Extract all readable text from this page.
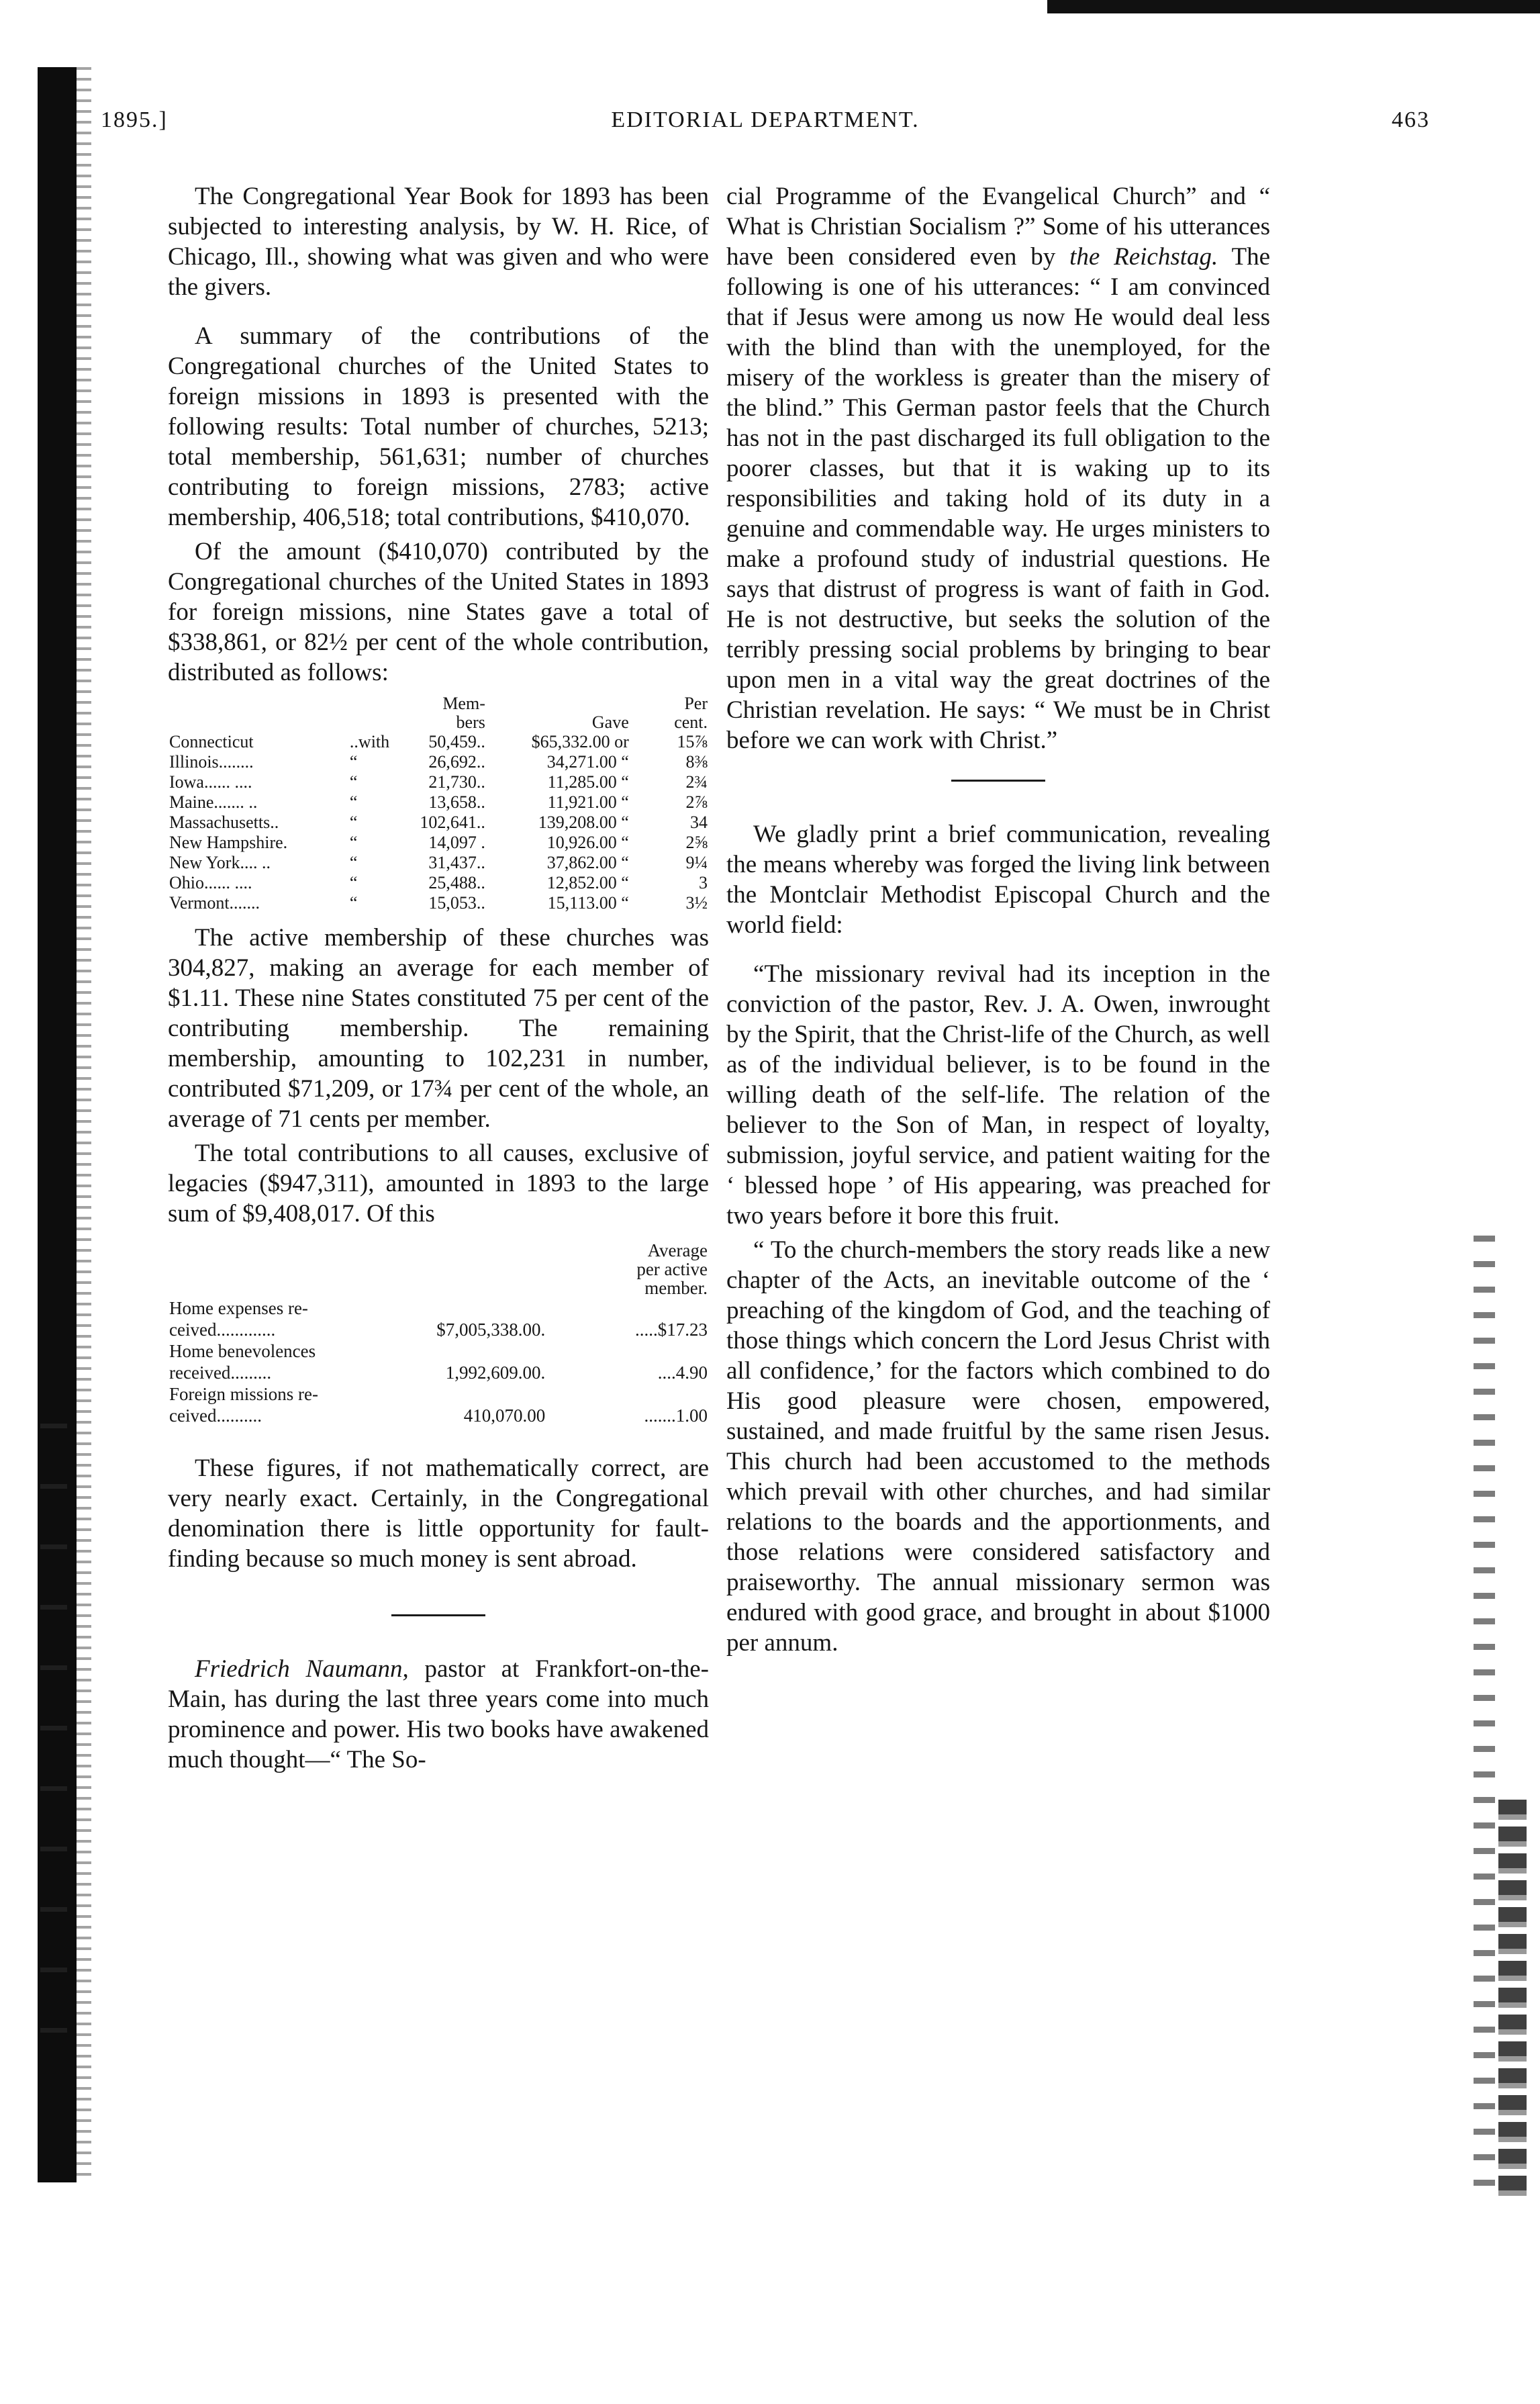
1895.]	EDITORIAL DEPARTMENT.	463

The Congregational Year Book for 1893 has been subjected to interesting analysis, by W. H. Rice, of Chicago, Ill., showing what was given and who were the givers.

A summary of the contributions of the Congregational churches of the United States to foreign missions in 1893 is presented with the following results: Total number of churches, 5213; total membership, 561,631; number of churches contributing to foreign missions, 2783; active membership, 406,518; total contributions, $410,070.

Of the amount ($410,070) contributed by the Congregational churches of the United States in 1893 for foreign missions, nine States gave a total of $338,861, or 82½ per cent of the whole contribution, distributed as follows:

		Mem-		Per
		bers	Gave	cent.
Connecticut	..with	50,459..	$65,332.00 or	15⅞
Illinois........	“	26,692..	34,271.00 “	8⅜
Iowa...... ....	“	21,730..	11,285.00 “	2¾
Maine....... ..	“	13,658..	11,921.00 “	2⅞
Massachusetts..	“	102,641..	139,208.00 “	34
New Hampshire.	“	14,097 .	10,926.00 “	2⅝
New York.... ..	“	31,437..	37,862.00 “	9¼
Ohio...... ....	“	25,488..	12,852.00 “	3
Vermont.......	“	15,053..	15,113.00 “	3½

The active membership of these churches was 304,827, making an average for each member of $1.11. These nine States constituted 75 per cent of the contributing membership. The remaining membership, amounting to 102,231 in number, contributed $71,209, or 17¾ per cent of the whole, an average of 71 cents per member.

The total contributions to all causes, exclusive of legacies ($947,311), amounted in 1893 to the large sum of $9,408,017. Of this

		Average
		per active
		member.
Home expenses re-		
ceived.............	$7,005,338.00.	.....$17.23
Home benevolences		
received.........	1,992,609.00.	....4.90
Foreign missions re-		
ceived..........	410,070.00	.......1.00

These figures, if not mathematically correct, are very nearly exact. Certainly, in the Congregational denomination there is little opportunity for fault-finding because so much money is sent abroad.

Friedrich Naumann, pastor at Frankfort-on-the-Main, has during the last three years come into much prominence and power. His two books have awakened much thought—“ The So-

cial Programme of the Evangelical Church” and “ What is Christian Socialism ?” Some of his utterances have been considered even by the Reichstag. The following is one of his utterances: “ I am convinced that if Jesus were among us now He would deal less with the blind than with the unemployed, for the misery of the workless is greater than the misery of the blind.” This German pastor feels that the Church has not in the past discharged its full obligation to the poorer classes, but that it is waking up to its responsibilities and taking hold of its duty in a genuine and commendable way. He urges ministers to make a profound study of industrial questions. He says that distrust of progress is want of faith in God. He is not destructive, but seeks the solution of the terribly pressing social problems by bringing to bear upon men in a vital way the great doctrines of the Christian revelation. He says: “ We must be in Christ before we can work with Christ.”

We gladly print a brief communication, revealing the means whereby was forged the living link between the Montclair Methodist Episcopal Church and the world field:

“The missionary revival had its inception in the conviction of the pastor, Rev. J. A. Owen, inwrought by the Spirit, that the Christ-life of the Church, as well as of the individual believer, is to be found in the willing death of the self-life. The relation of the believer to the Son of Man, in respect of loyalty, submission, joyful service, and patient waiting for the ‘ blessed hope ’ of His appearing, was preached for two years before it bore this fruit.

“ To the church-members the story reads like a new chapter of the Acts, an inevitable outcome of the ‘ preaching of the kingdom of God, and the teaching of those things which concern the Lord Jesus Christ with all confidence,’ for the factors which combined to do His good pleasure were chosen, empowered, sustained, and made fruitful by the same risen Jesus. This church had been accustomed to the methods which prevail with other churches, and had similar relations to the boards and the apportionments, and those relations were considered satisfactory and praiseworthy. The annual missionary sermon was endured with good grace, and brought in about $1000 per annum.
